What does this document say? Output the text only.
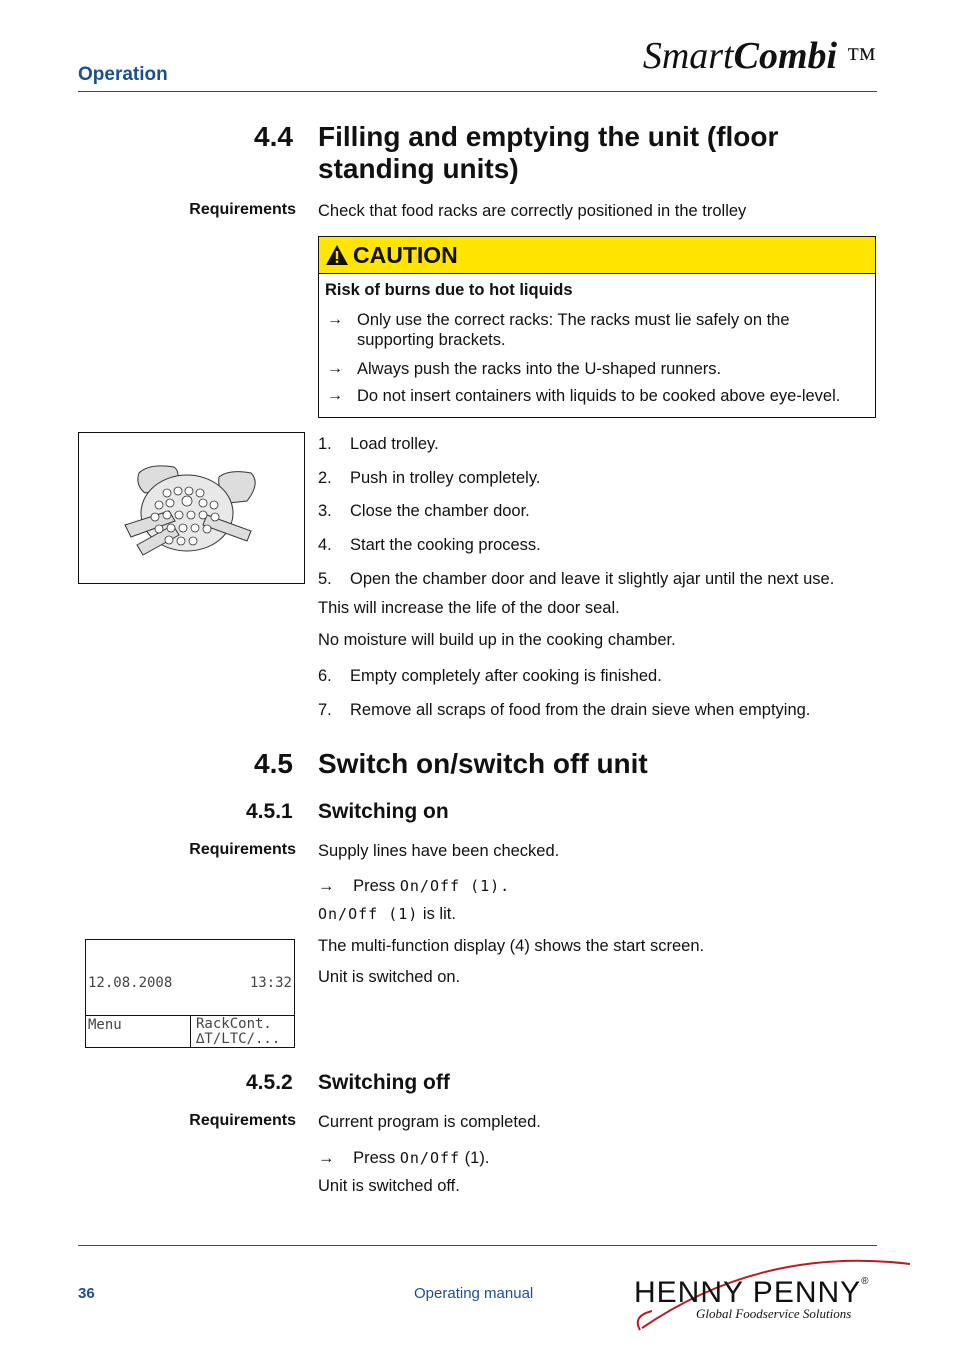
Operation	SmartCombi ™
4.4 Filling and emptying the unit (floor
standing units)
Requirements Check that food racks are correctly positioned in the trolley
CAUTION
Risk of burns due to hot liquids
→ Only use the correct racks: The racks must lie safely on the
supporting brackets.
→ Always push the racks into the U-shaped runners.
→ Do not insert containers with liquids to be cooked above eye-level.
1. Load trolley.
2. Push in trolley completely.
3. Close the chamber door.
4. Start the cooking process.
5. Open the chamber door and leave it slightly ajar until the next use.
This will increase the life of the door seal.
No moisture will build up in the cooking chamber.
6. Empty completely after cooking is finished.
7. Remove all scraps of food from the drain sieve when emptying.
4.5 Switch on/switch off unit
4.5.1 Switching on
Requirements Supply lines have been checked.
→ Press On/Off (1).
On/Off (1) is lit.
The multi-function display (4) shows the start screen.
Unit is switched on.
12.08.2008	13:32
Menu	RackCont.
∆T/LTC/...
4.5.2 Switching off
Requirements Current program is completed.
→ Press On/Off (1).
Unit is switched off.
36	Operating manual	HENNY PENNY®
Global Foodservice Solutions
